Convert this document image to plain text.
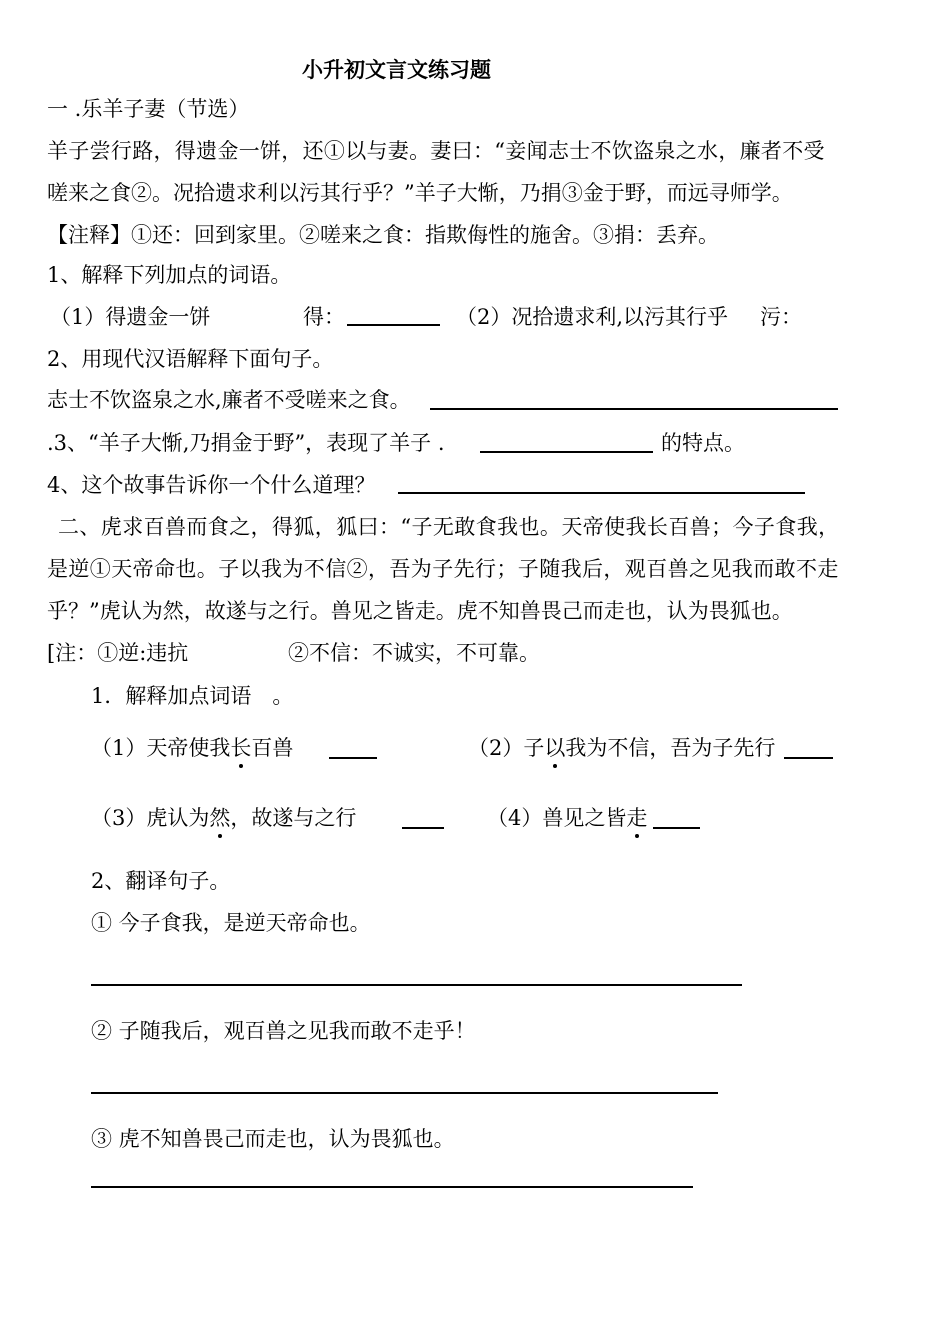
小升初文言文练习题
一 .乐羊子妻（节选）
羊子尝行路，得遗金一饼，还①以与妻。妻曰：“妾闻志士不饮盗泉之水，廉者不受
嗟来之食②。况拾遗求利以污其行乎？”羊子大惭，乃捐③金于野，而远寻师学。
【注释】①还：回到家里。②嗟来之食：指欺侮性的施舍。③捐：丢弃。
1、解释下列加点的词语。
（1）得遗金一饼	得：	（2）况拾遗求利,以污其行乎 污：
2、用现代汉语解释下面句子。
志士不饮盗泉之水,廉者不受嗟来之食。
.3、“羊子大惭,乃捐金于野”，表现了羊子 .	的特点。
4、这个故事告诉你一个什么道理？
二、虎求百兽而食之，得狐，狐曰：“子无敢食我也。天帝使我长百兽；今子食我，
是逆①天帝命也。子以我为不信②，吾为子先行；子随我后，观百兽之见我而敢不走
乎？”虎认为然，故遂与之行。兽见之皆走。虎不知兽畏己而走也，认为畏狐也。
[注：①逆:违抗	②不信：不诚实，不可靠。
1．解释加点词语　。
（1）天帝使我长百兽	（2）子以我为不信，吾为子先行
（3）虎认为然，故遂与之行	（4）兽见之皆走
2、翻译句子。
① 今子食我，是逆天帝命也。
② 子随我后，观百兽之见我而敢不走乎！
③ 虎不知兽畏己而走也，认为畏狐也。
